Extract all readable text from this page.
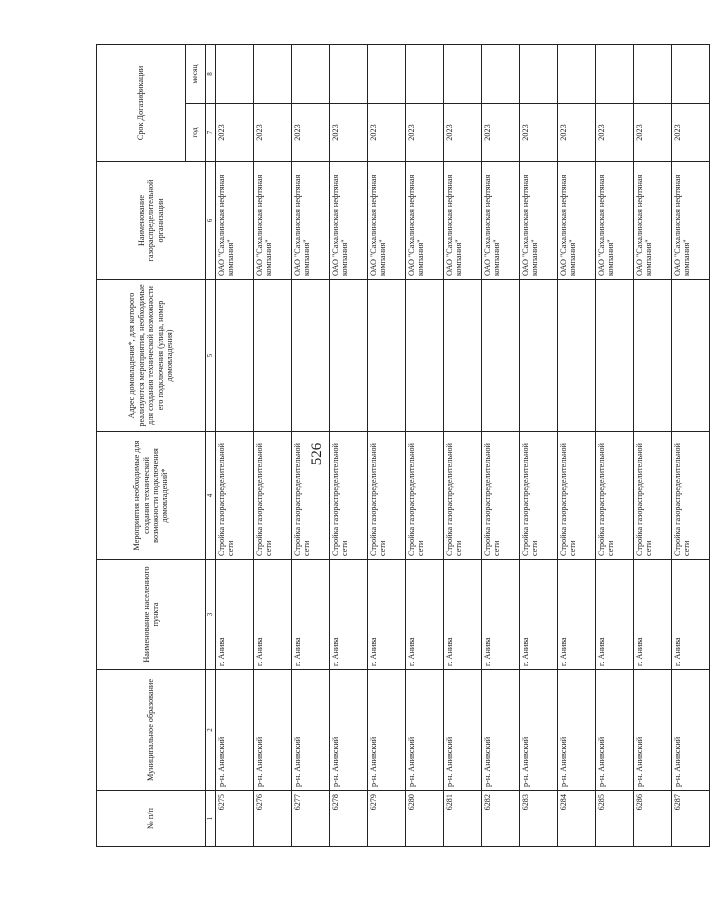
526
№ п/п	Муниципальное образование	Наименование населенного пункта	Мероприятия необходимые для создания технической возможности подключения домовладений*	Адрес домовладения*, для которого реализуются мероприятия, необходимые для создания технической возможности его подключения (улица, номер домовладения)	Наименование газораспределительной организации	Срок Догазификации	
						год	месяц
1	2	3	4	5	6	7	8
6275	р-н. Анивский	г. Анива	Стройка газораспределительной сети		ОАО "Сахалинская нефтяная компания"	2023	
6276	р-н. Анивский	г. Анива	Стройка газораспределительной сети		ОАО "Сахалинская нефтяная компания"	2023	
6277	р-н. Анивский	г. Анива	Стройка газораспределительной сети		ОАО "Сахалинская нефтяная компания"	2023	
6278	р-н. Анивский	г. Анива	Стройка газораспределительной сети		ОАО "Сахалинская нефтяная компания"	2023	
6279	р-н. Анивский	г. Анива	Стройка газораспределительной сети		ОАО "Сахалинская нефтяная компания"	2023	
6280	р-н. Анивский	г. Анива	Стройка газораспределительной сети		ОАО "Сахалинская нефтяная компания"	2023	
6281	р-н. Анивский	г. Анива	Стройка газораспределительной сети		ОАО "Сахалинская нефтяная компания"	2023	
6282	р-н. Анивский	г. Анива	Стройка газораспределительной сети		ОАО "Сахалинская нефтяная компания"	2023	
6283	р-н. Анивский	г. Анива	Стройка газораспределительной сети		ОАО "Сахалинская нефтяная компания"	2023	
6284	р-н. Анивский	г. Анива	Стройка газораспределительной сети		ОАО "Сахалинская нефтяная компания"	2023	
6285	р-н. Анивский	г. Анива	Стройка газораспределительной сети		ОАО "Сахалинская нефтяная компания"	2023	
6286	р-н. Анивский	г. Анива	Стройка газораспределительной сети		ОАО "Сахалинская нефтяная компания"	2023	
6287	р-н. Анивский	г. Анива	Стройка газораспределительной сети		ОАО "Сахалинская нефтяная компания"	2023	
